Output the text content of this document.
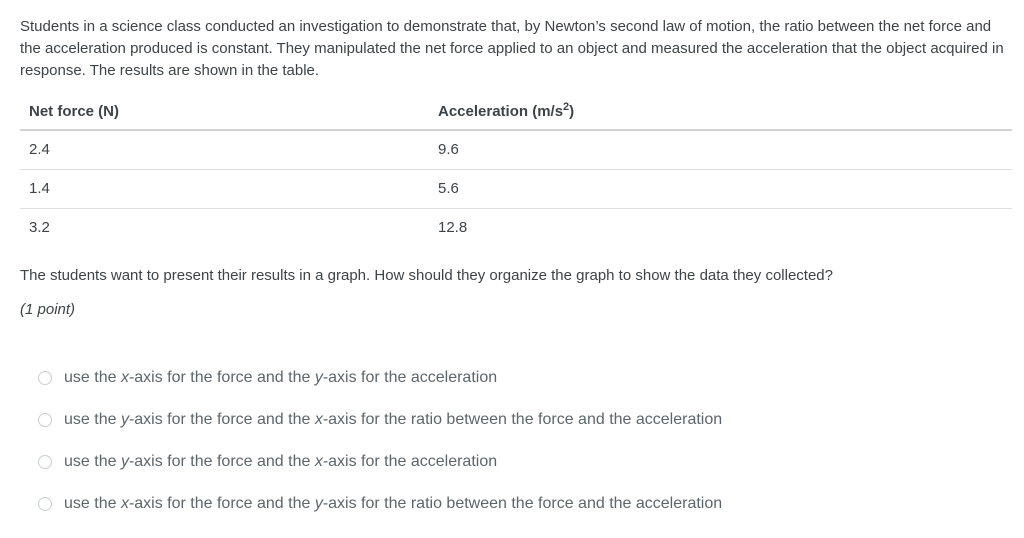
Students in a science class conducted an investigation to demonstrate that, by Newton’s second law of motion, the ratio between the net force and the acceleration produced is constant. They manipulated the net force applied to an object and measured the acceleration that the object acquired in response. The results are shown in the table.

Net force (N)	Acceleration $(m/s^2)$
2.4	9.6
1.4	5.6
3.2	12.8

The students want to present their results in a graph. How should they organize the graph to show the data they collected?

(1 point)

use the x-axis for the force and the y-axis for the acceleration
use the y-axis for the force and the x-axis for the ratio between the force and the acceleration
use the y-axis for the force and the x-axis for the acceleration
use the x-axis for the force and the y-axis for the ratio between the force and the acceleration
